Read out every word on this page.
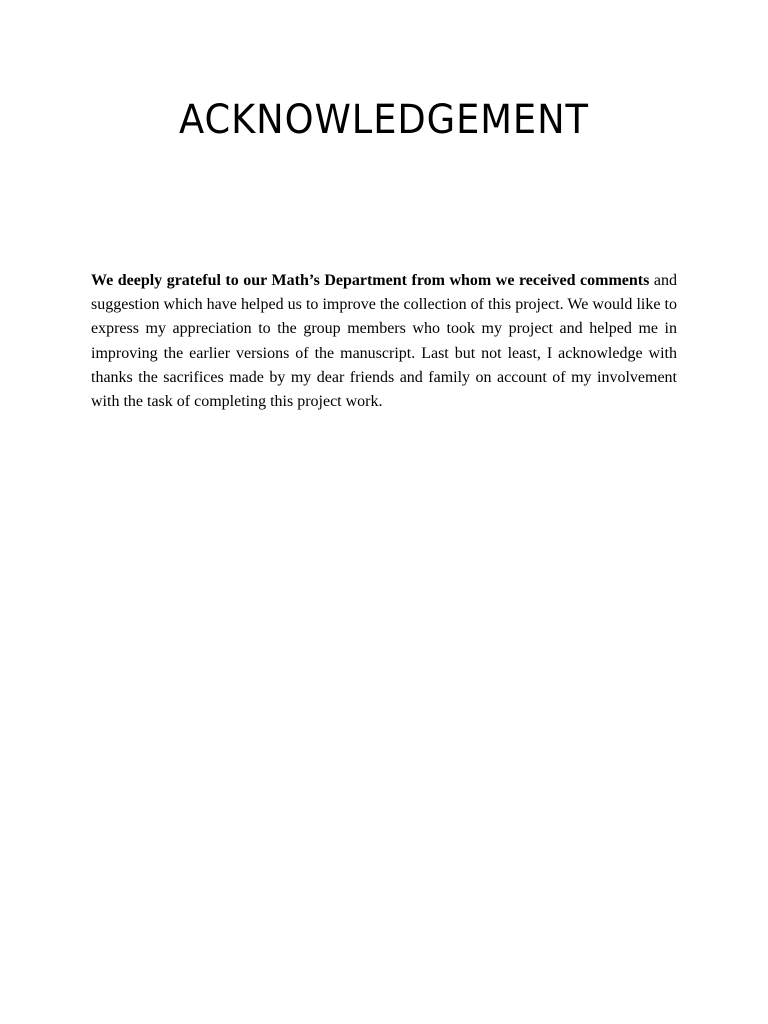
ACKNOWLEDGEMENT

We deeply grateful to our Math’s Department from whom we received comments and suggestion which have helped us to improve the collection of this project. We would like to express my appreciation to the group members who took my project and helped me in improving the earlier versions of the manuscript. Last but not least, I acknowledge with thanks the sacrifices made by my dear friends and family on account of my involvement with the task of completing this project work.
